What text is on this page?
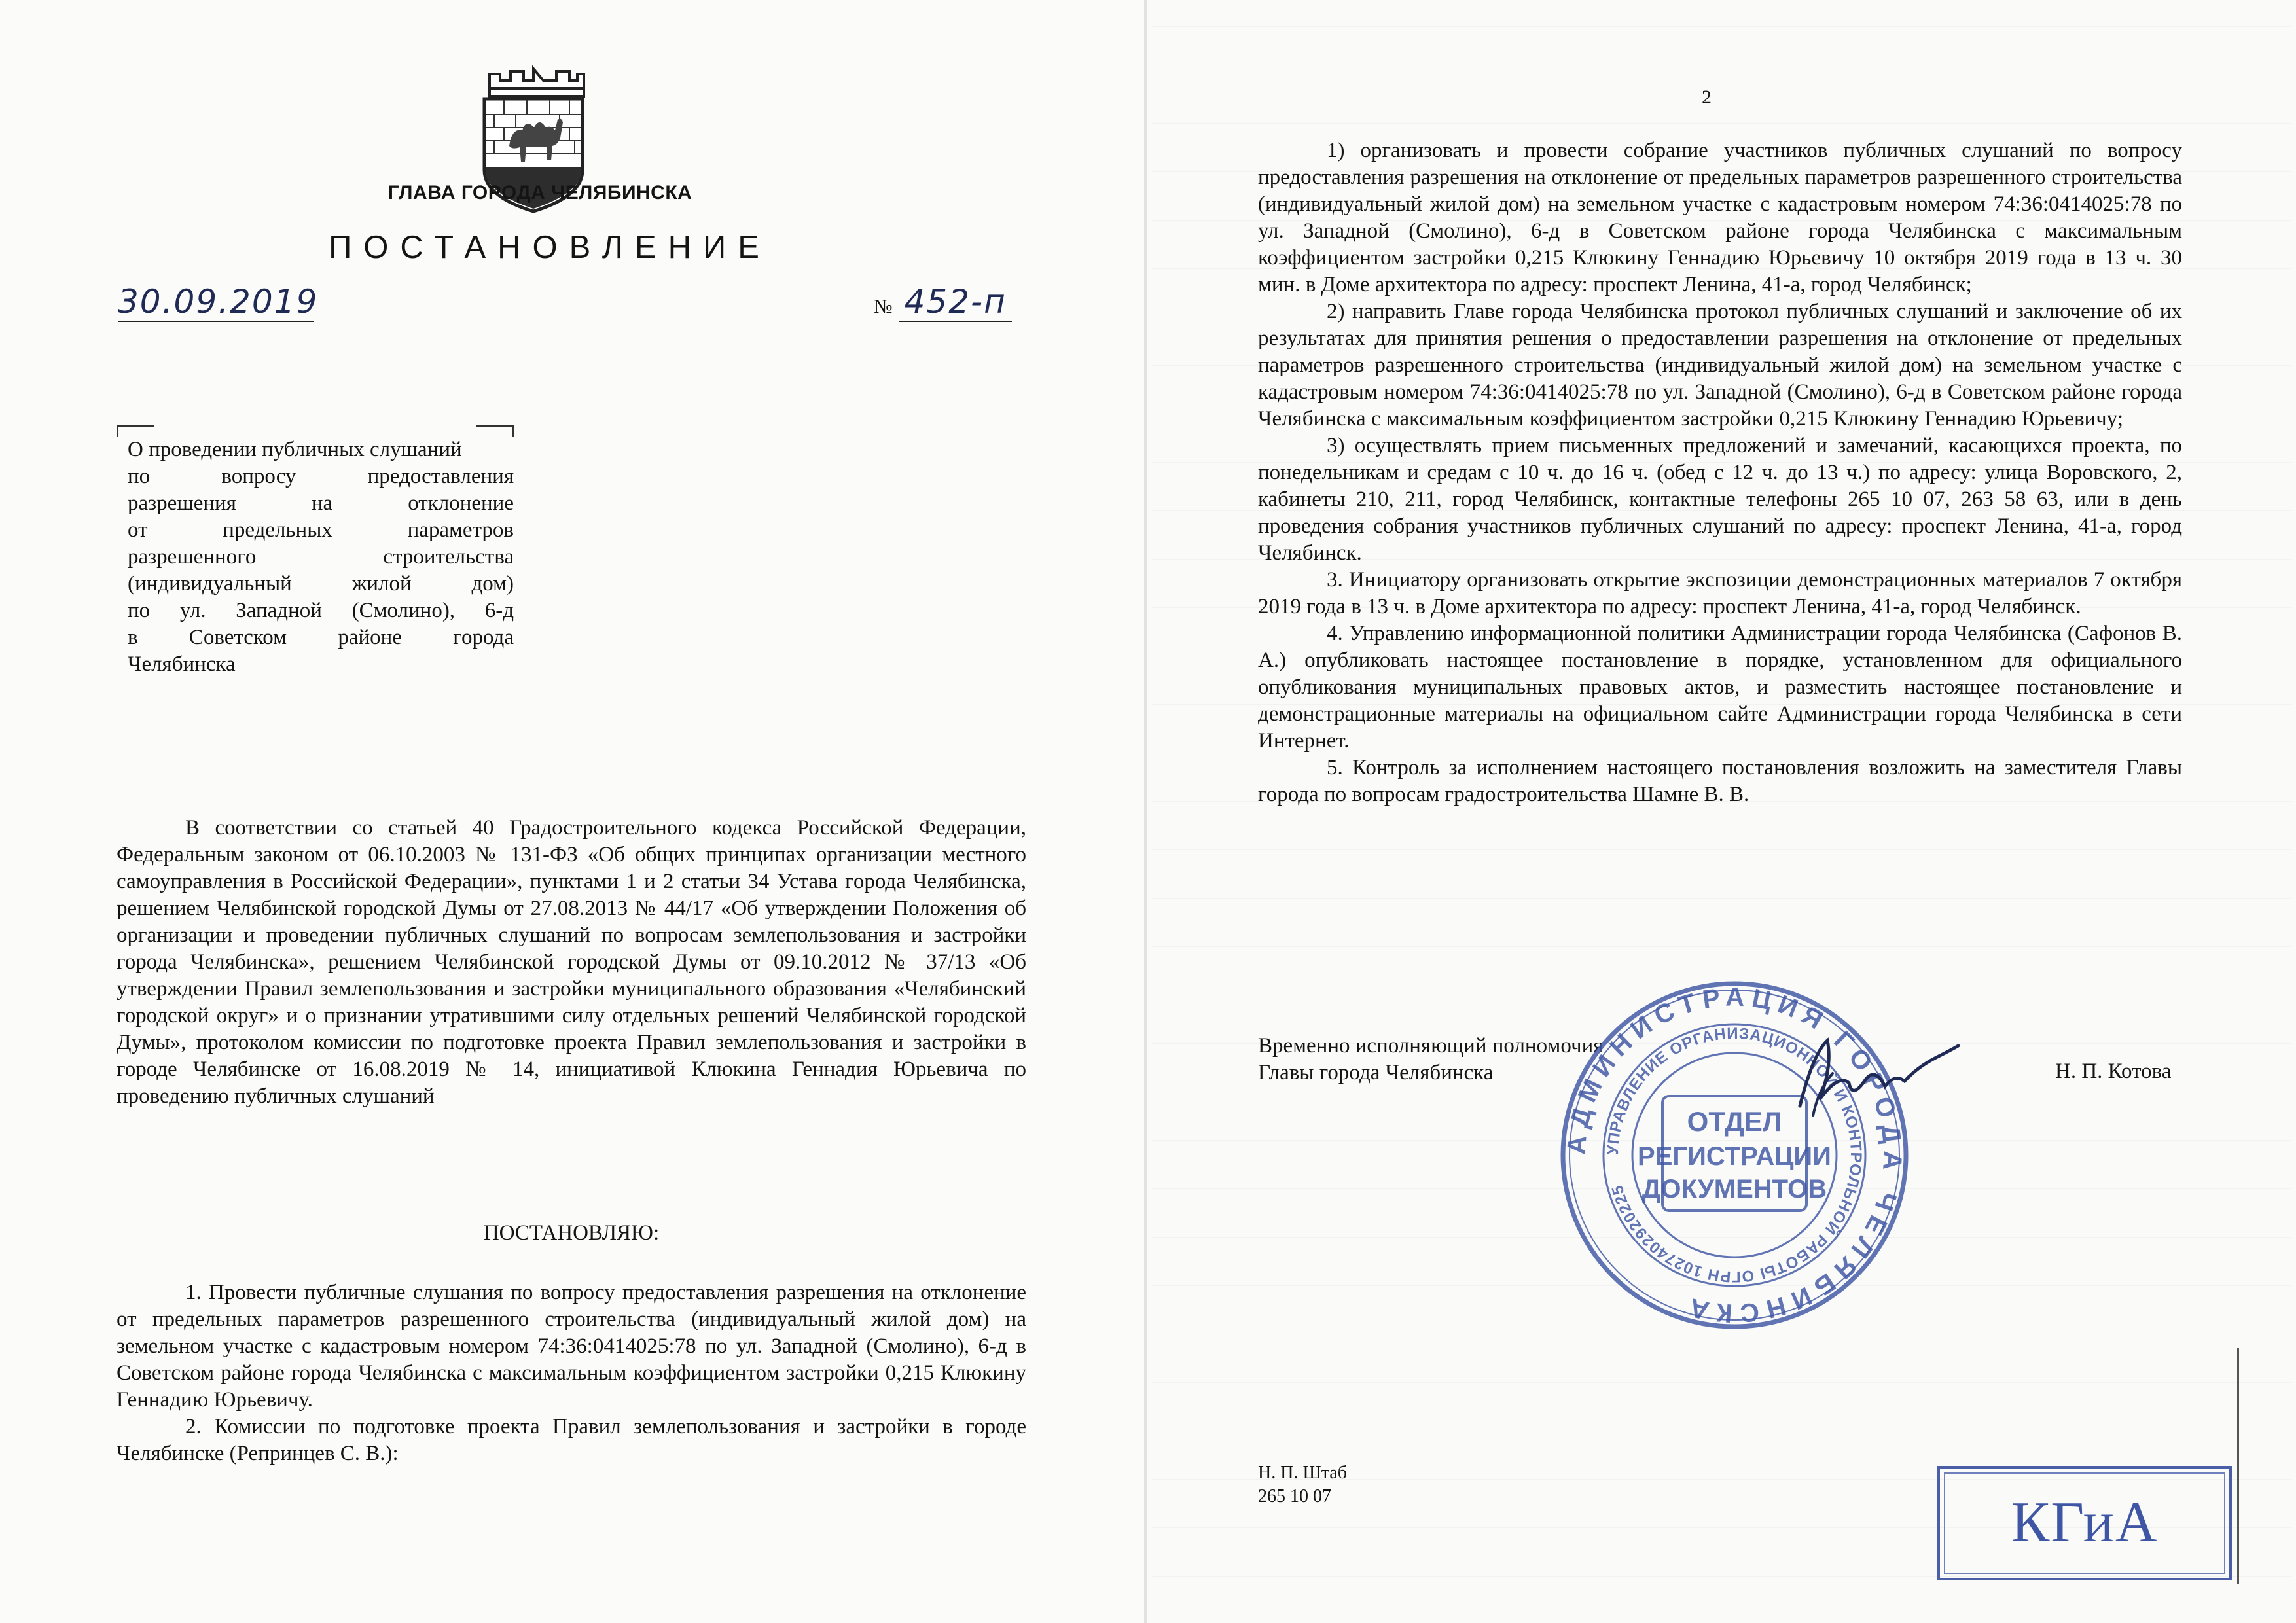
ГЛАВА ГОРОДА ЧЕЛЯБИНСКА
ПОСТАНОВЛЕНИЕ
30.09.2019	№ 452-п

О проведении публичных слушаний

по вопросу предоставления

разрешения на отклонение

от предельных параметров

разрешенного строительства

(индивидуальный жилой дом)

по ул. Западной (Смолино), 6-д

в Советском районе города

Челябинска

В соответствии со статьей 40 Градостроительного кодекса Российской Федерации, Федеральным законом от 06.10.2003 № 131-ФЗ «Об общих принципах организации местного самоуправления в Российской Федерации», пунктами 1 и 2 статьи 34 Устава города Челябинска, решением Челябинской городской Думы от 27.08.2013 № 44/17 «Об утверждении Положения об организации и проведении публичных слушаний по вопросам землепользования и застройки города Челябинска», решением Челябинской городской Думы от 09.10.2012 № 37/13 «Об утверждении Правил землепользования и застройки муниципального образования «Челябинский городской округ» и о признании утратившими силу отдельных решений Челябинской городской Думы», протоколом комиссии по подготовке проекта Правил землепользования и застройки в городе Челябинске от 16.08.2019 № 14, инициативой Клюкина Геннадия Юрьевича по проведению публичных слушаний

ПОСТАНОВЛЯЮ:

1. Провести публичные слушания по вопросу предоставления разрешения на отклонение от предельных параметров разрешенного строительства (индивидуальный жилой дом) на земельном участке с кадастровым номером 74:36:0414025:78 по ул. Западной (Смолино), 6-д в Советском районе города Челябинска с максимальным коэффициентом застройки 0,215 Клюкину Геннадию Юрьевичу.

2. Комиссии по подготовке проекта Правил землепользования и застройки в городе Челябинске (Репринцев С. В.):

2

1) организовать и провести собрание участников публичных слушаний по вопросу предоставления разрешения на отклонение от предельных параметров разрешенного строительства (индивидуальный жилой дом) на земельном участке с кадастровым номером 74:36:0414025:78 по ул. Западной (Смолино), 6-д в Советском районе города Челябинска с максимальным коэффициентом застройки 0,215 Клюкину Геннадию Юрьевичу 10 октября 2019 года в 13 ч. 30 мин. в Доме архитектора по адресу: проспект Ленина, 41-а, город Челябинск;

2) направить Главе города Челябинска протокол публичных слушаний и заключение об их результатах для принятия решения о предоставлении разрешения на отклонение от предельных параметров разрешенного строительства (индивидуальный жилой дом) на земельном участке с кадастровым номером 74:36:0414025:78 по ул. Западной (Смолино), 6-д в Советском районе города Челябинска с максимальным коэффициентом застройки 0,215 Клюкину Геннадию Юрьевичу;

3) осуществлять прием письменных предложений и замечаний, касающихся проекта, по понедельникам и средам с 10 ч. до 16 ч. (обед с 12 ч. до 13 ч.) по адресу: улица Воровского, 2, кабинеты 210, 211, город Челябинск, контактные телефоны 265 10 07, 263 58 63, или в день проведения собрания участников публичных слушаний по адресу: проспект Ленина, 41-а, город Челябинск.

3. Инициатору организовать открытие экспозиции демонстрационных материалов 7 октября 2019 года в 13 ч. в Доме архитектора по адресу: проспект Ленина, 41-а, город Челябинск.

4. Управлению информационной политики Администрации города Челябинска (Сафонов В. А.) опубликовать настоящее постановление в порядке, установленном для официального опубликования муниципальных правовых актов, и разместить настоящее постановление и демонстрационные материалы на официальном сайте Администрации города Челябинска в сети Интернет.

5. Контроль за исполнением настоящего постановления возложить на заместителя Главы города по вопросам градостроительства Шамне В. В.

Временно исполняющий полномочия
Главы города Челябинска	Н. П. Котова
АДМИНИСТРАЦИЯ ГОРОДА ЧЕЛЯБИНСКА
УПРАВЛЕНИЕ ОРГАНИЗАЦИОННОЙ И КОНТРОЛЬНОЙ РАБОТЫ ОГРН 1027402920225
ОТДЕЛ
РЕГИСТРАЦИИ
ДОКУМЕНТОВ
Н. П. Штаб
265 10 07	КГиА
